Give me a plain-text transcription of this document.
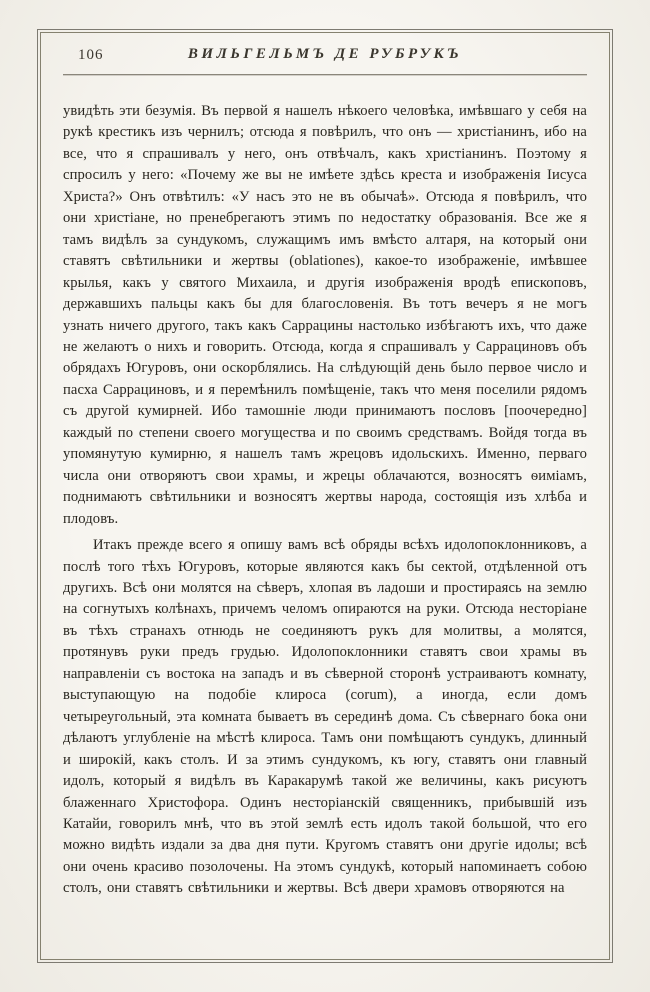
106	ВИЛЬГЕЛЬМЪ ДЕ РУБРУКЪ

увидѣть эти безумія. Въ первой я нашелъ нѣкоего человѣка, имѣвшаго у себя на рукѣ крестикъ изъ чернилъ; отсюда я повѣрилъ, что онъ — христіанинъ, ибо на все, что я спрашивалъ у него, онъ отвѣчалъ, какъ христіанинъ. Поэтому я спросилъ у него: «Почему же вы не имѣете здѣсь креста и изображенія Іисуса Христа?» Онъ отвѣтилъ: «У насъ это не въ обычаѣ». Отсюда я повѣрилъ, что они христіане, но пренебрегаютъ этимъ по недостатку образованія. Все же я тамъ видѣлъ за сундукомъ, служащимъ имъ вмѣсто алтаря, на который они ставятъ свѣтильники и жертвы (oblationes), какое-то изображеніе, имѣвшее крылья, какъ у святого Михаила, и другія изображенія вродѣ епископовъ, державшихъ пальцы какъ бы для благословенія. Въ тотъ вечеръ я не могъ узнать ничего другого, такъ какъ Саррацины настолько избѣгаютъ ихъ, что даже не желаютъ о нихъ и говорить. Отсюда, когда я спрашивалъ у Саррациновъ объ обрядахъ Югуровъ, они оскорблялись. На слѣдующій день было первое число и пасха Саррациновъ, и я перемѣнилъ помѣщеніе, такъ что меня поселили рядомъ съ другой кумирней. Ибо тамошніе люди принимаютъ пословъ [поочередно] каждый по степени своего могущества и по своимъ средствамъ. Войдя тогда въ упомянутую кумирню, я нашелъ тамъ жрецовъ идольскихъ. Именно, перваго числа они отворяютъ свои храмы, и жрецы облачаются, возносятъ ѳиміамъ, поднимаютъ свѣтильники и возносятъ жертвы народа, состоящія изъ хлѣба и плодовъ.

Итакъ прежде всего я опишу вамъ всѣ обряды всѣхъ идолопоклонниковъ, а послѣ того тѣхъ Югуровъ, которые являются какъ бы сектой, отдѣленной отъ другихъ. Всѣ они молятся на сѣверъ, хлопая въ ладоши и простираясь на землю на согнутыхъ колѣнахъ, причемъ челомъ опираются на руки. Отсюда несторіане въ тѣхъ странахъ отнюдь не соединяютъ рукъ для молитвы, а молятся, протянувъ руки предъ грудью. Идолопоклонники ставятъ свои храмы въ направленіи съ востока на западъ и въ сѣверной сторонѣ устраиваютъ комнату, выступающую на подобіе клироса (corum), а иногда, если домъ четыреугольный, эта комната бываетъ въ серединѣ дома. Съ сѣвернаго бока они дѣлаютъ углубленіе на мѣстѣ клироса. Тамъ они помѣщаютъ сундукъ, длинный и широкій, какъ столъ. И за этимъ сундукомъ, къ югу, ставятъ они главный идолъ, который я видѣлъ въ Каракарумѣ такой же величины, какъ рисуютъ блаженнаго Христофора. Одинъ несторіанскій священникъ, прибывшій изъ Катайи, говорилъ мнѣ, что въ этой землѣ есть идолъ такой большой, что его можно видѣть издали за два дня пути. Кругомъ ставятъ они другіе идолы; всѣ они очень красиво позолочены. На этомъ сундукѣ, который напоминаетъ собою столъ, они ставятъ свѣтильники и жертвы. Всѣ двери храмовъ отворяются на
